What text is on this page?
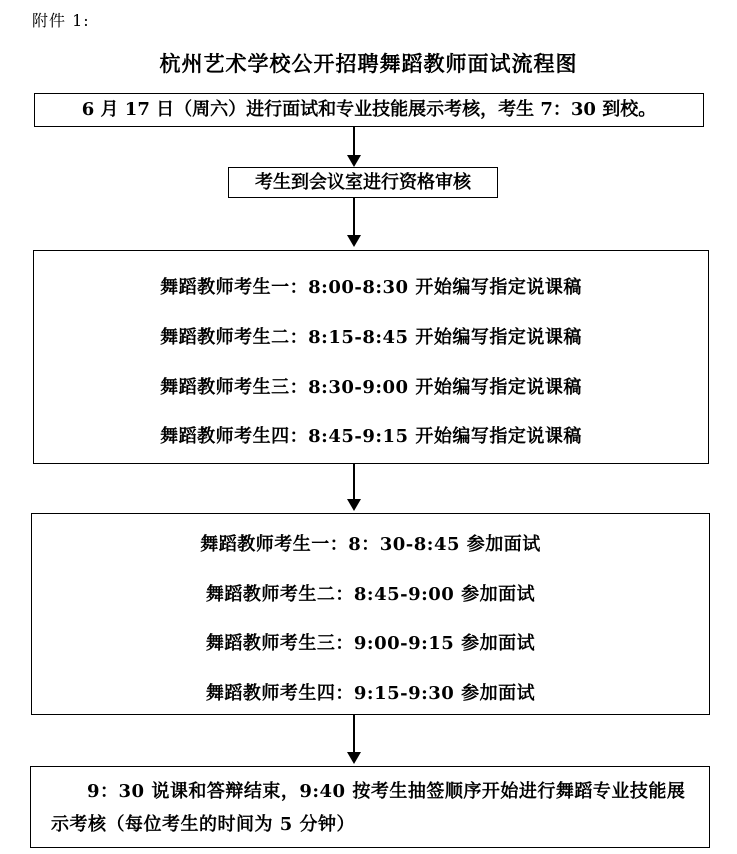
附件 1:
杭州艺术学校公开招聘舞蹈教师面试流程图
6 月 17 日（周六）进行面试和专业技能展示考核，考生 7：30 到校。
考生到会议室进行资格审核
舞蹈教师考生一：8:00-8:30 开始编写指定说课稿
舞蹈教师考生二：8:15-8:45 开始编写指定说课稿
舞蹈教师考生三：8:30-9:00 开始编写指定说课稿
舞蹈教师考生四：8:45-9:15 开始编写指定说课稿
舞蹈教师考生一：8：30-8:45 参加面试
舞蹈教师考生二：8:45-9:00 参加面试
舞蹈教师考生三：9:00-9:15 参加面试
舞蹈教师考生四：9:15-9:30 参加面试
9：30 说课和答辩结束，9:40 按考生抽签顺序开始进行舞蹈专业技能展示考核（每位考生的时间为 5 分钟）
